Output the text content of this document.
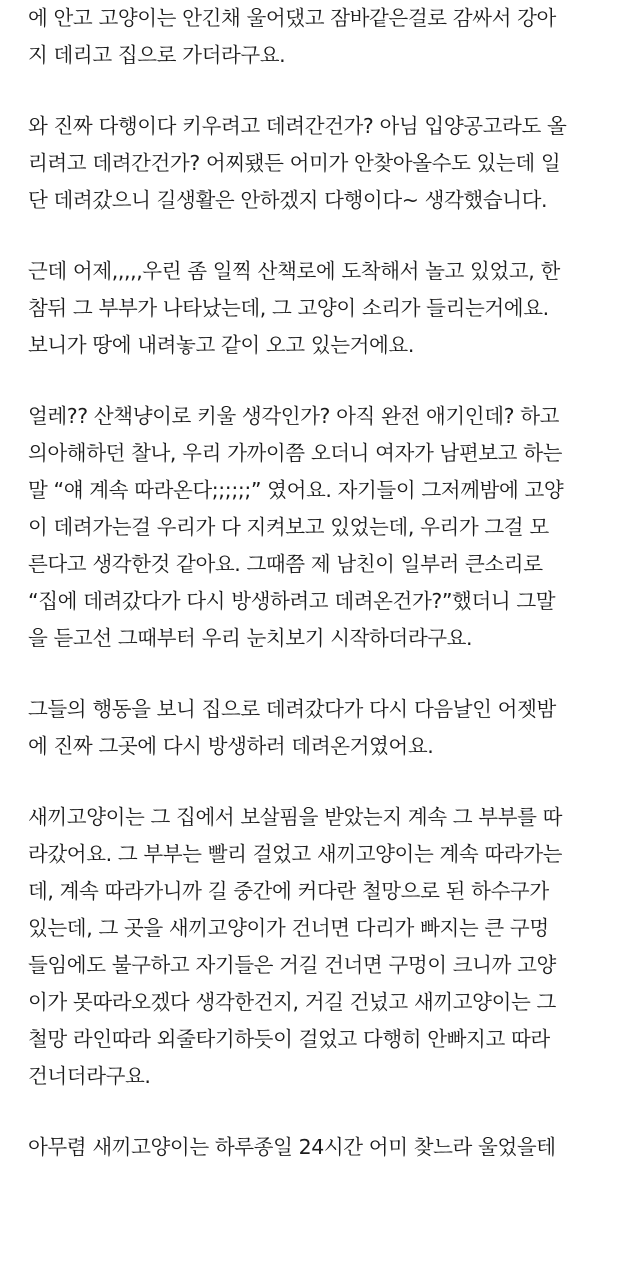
에 안고 고양이는 안긴채 울어댔고 잠바같은걸로 감싸서 강아
지 데리고 집으로 가더라구요.

와 진짜 다행이다 키우려고 데려간건가? 아님 입양공고라도 올
리려고 데려간건가? 어찌됐든 어미가 안찾아올수도 있는데 일
단 데려갔으니 길생활은 안하겠지 다행이다~ 생각했습니다.

근데 어제,,,,,우린 좀 일찍 산책로에 도착해서 놀고 있었고, 한
참뒤 그 부부가 나타났는데, 그 고양이 소리가 들리는거에요.
보니가 땅에 내려놓고 같이 오고 있는거에요.

얼레?? 산책냥이로 키울 생각인가? 아직 완전 애기인데? 하고
의아해하던 찰나, 우리 가까이쯤 오더니 여자가 남편보고 하는
말 “얘 계속 따라온다;;;;;;” 였어요. 자기들이 그저께밤에 고양
이 데려가는걸 우리가 다 지켜보고 있었는데, 우리가 그걸 모
른다고 생각한것 같아요. 그때쯤 제 남친이 일부러 큰소리로
“집에 데려갔다가 다시 방생하려고 데려온건가?”했더니 그말
을 듣고선 그때부터 우리 눈치보기 시작하더라구요.

그들의 행동을 보니 집으로 데려갔다가 다시 다음날인 어젯밤
에 진짜 그곳에 다시 방생하러 데려온거였어요.

새끼고양이는 그 집에서 보살핌을 받았는지 계속 그 부부를 따
라갔어요. 그 부부는 빨리 걸었고 새끼고양이는 계속 따라가는
데, 계속 따라가니까 길 중간에 커다란 철망으로 된 하수구가
있는데, 그 곳을 새끼고양이가 건너면 다리가 빠지는 큰 구멍
들임에도 불구하고 자기들은 거길 건너면 구멍이 크니까 고양
이가 못따라오겠다 생각한건지, 거길 건넜고 새끼고양이는 그
철망 라인따라 외줄타기하듯이 걸었고 다행히 안빠지고 따라
건너더라구요.

아무렴 새끼고양이는 하루종일 24시간 어미 찾느라 울었을테
